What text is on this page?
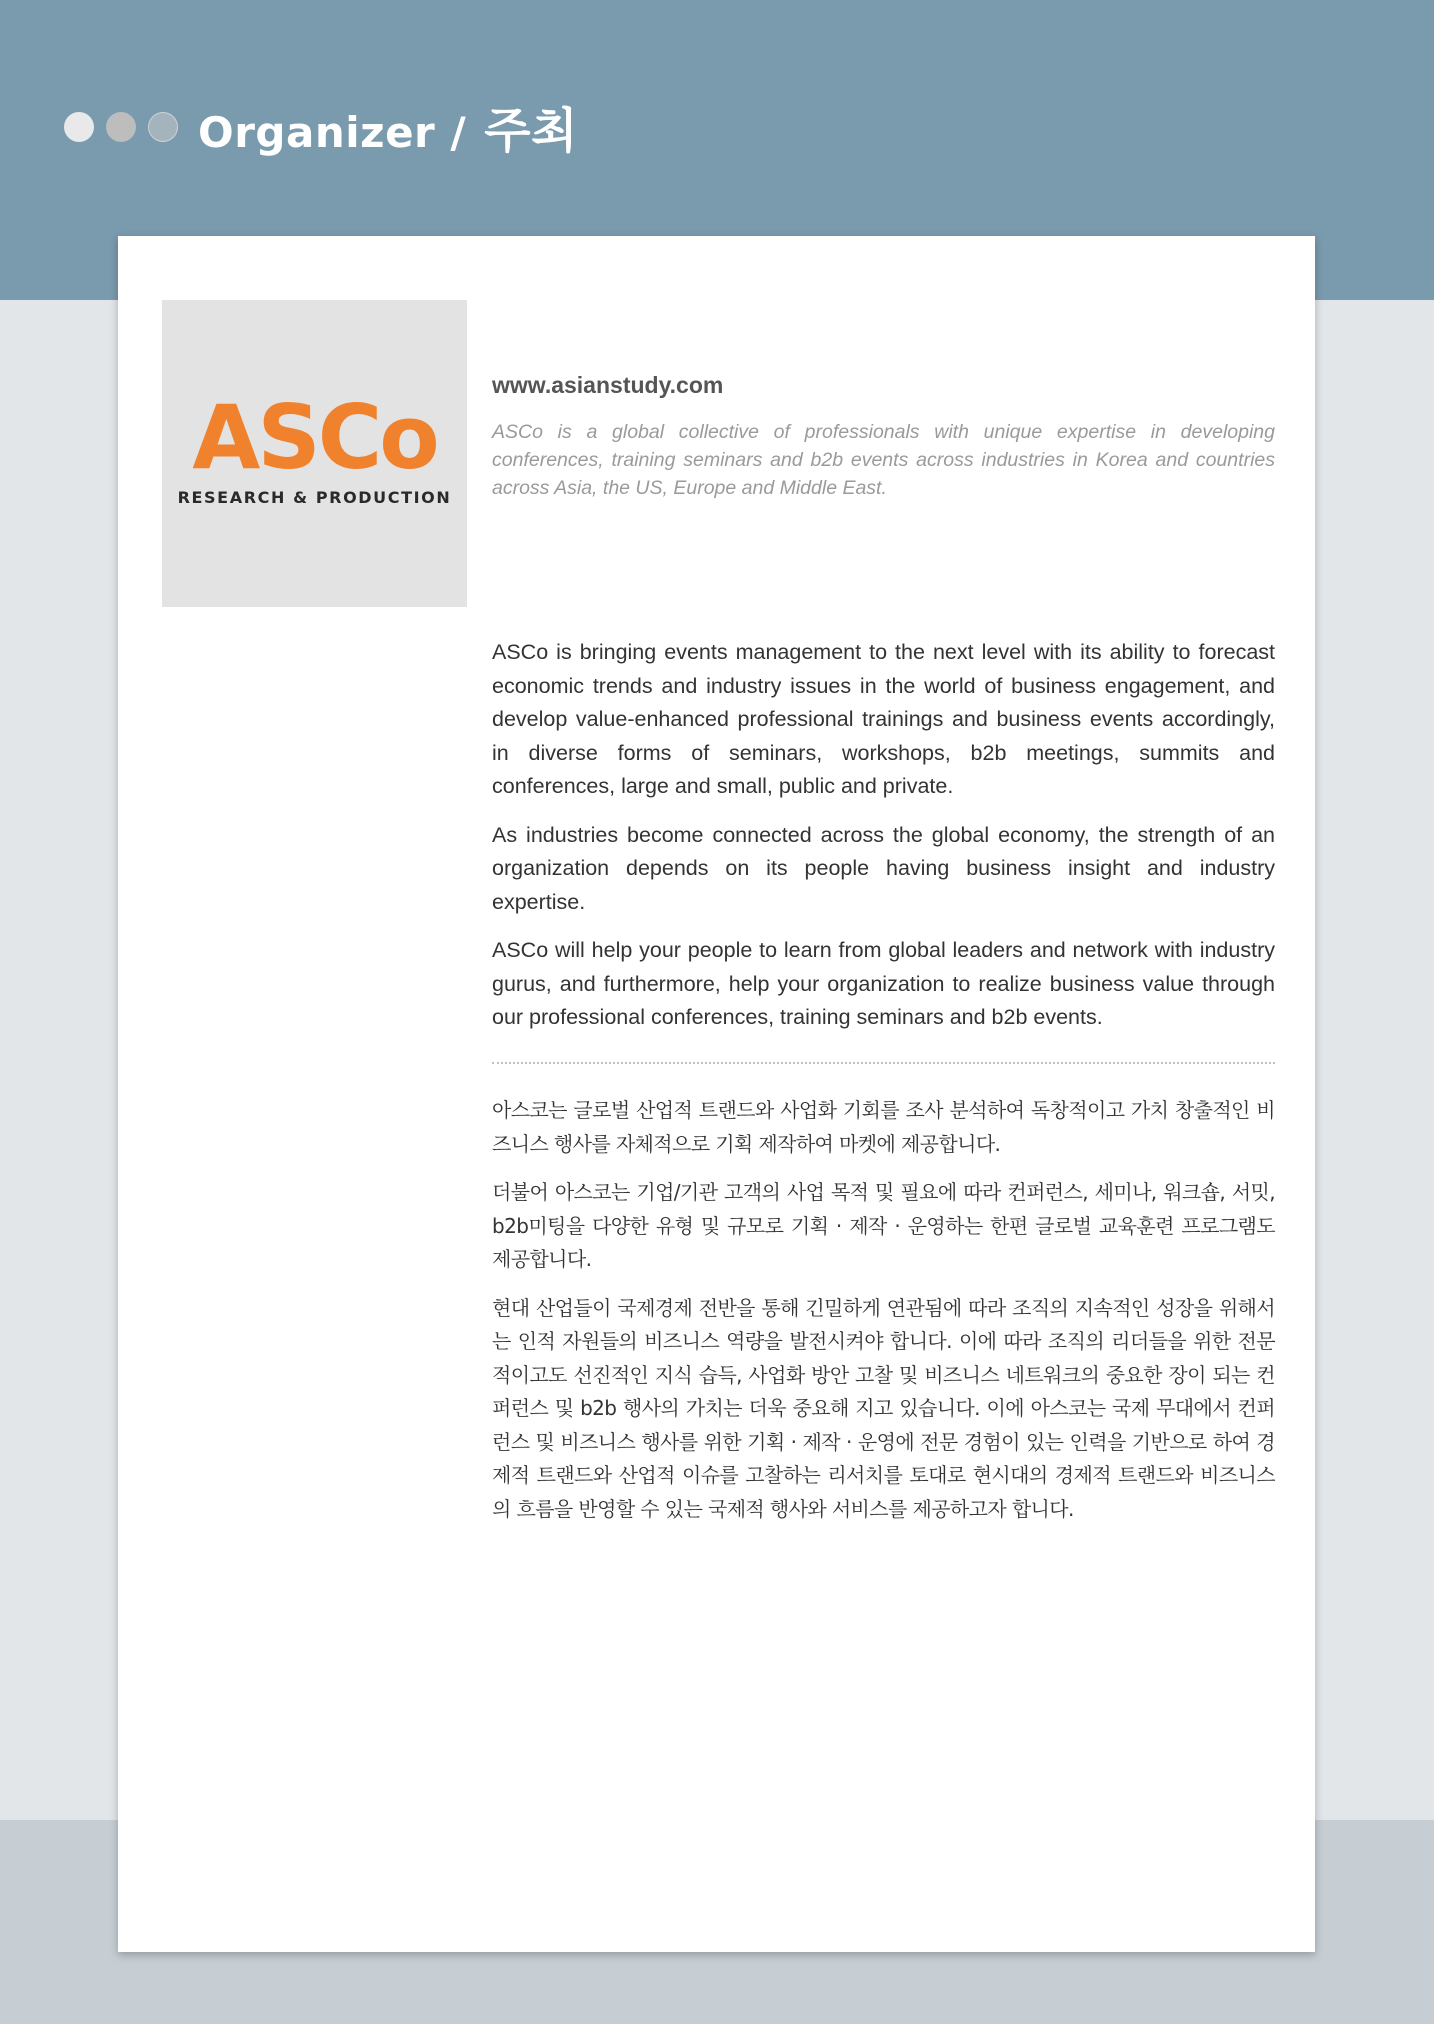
Organizer / 주최
ASCo
RESEARCH & PRODUCTION
www.asianstudy.com

ASCo is a global collective of professionals with unique expertise in developing conferences, training seminars and b2b events across industries in Korea and countries across Asia, the US, Europe and Middle East.

ASCo is bringing events management to the next level with its ability to forecast economic trends and industry issues in the world of business engagement, and develop value-enhanced professional trainings and business events accordingly, in diverse forms of seminars, workshops, b2b meetings, summits and conferences, large and small, public and private.

As industries become connected across the global economy, the strength of an organization depends on its people having business insight and industry expertise.

ASCo will help your people to learn from global leaders and network with industry gurus, and furthermore, help your organization to realize business value through our professional conferences, training seminars and b2b events.

아스코는 글로벌 산업적 트랜드와 사업화 기회를 조사 분석하여 독창적이고 가치 창출적인 비즈니스 행사를 자체적으로 기획 제작하여 마켓에 제공합니다.

더불어 아스코는 기업/기관 고객의 사업 목적 및 필요에 따라 컨퍼런스, 세미나, 워크숍, 서밋, b2b미팅을 다양한 유형 및 규모로 기획 · 제작 · 운영하는 한편 글로벌 교육훈련 프로그램도 제공합니다.

현대 산업들이 국제경제 전반을 통해 긴밀하게 연관됨에 따라 조직의 지속적인 성장을 위해서는 인적 자원들의 비즈니스 역량을 발전시켜야 합니다. 이에 따라 조직의 리더들을 위한 전문적이고도 선진적인 지식 습득, 사업화 방안 고찰 및 비즈니스 네트워크의 중요한 장이 되는 컨퍼런스 및 b2b 행사의 가치는 더욱 중요해 지고 있습니다. 이에 아스코는 국제 무대에서 컨퍼런스 및 비즈니스 행사를 위한 기획 · 제작 · 운영에 전문 경험이 있는 인력을 기반으로 하여 경제적 트랜드와 산업적 이슈를 고찰하는 리서치를 토대로 현시대의 경제적 트랜드와 비즈니스의 흐름을 반영할 수 있는 국제적 행사와 서비스를 제공하고자 합니다.
